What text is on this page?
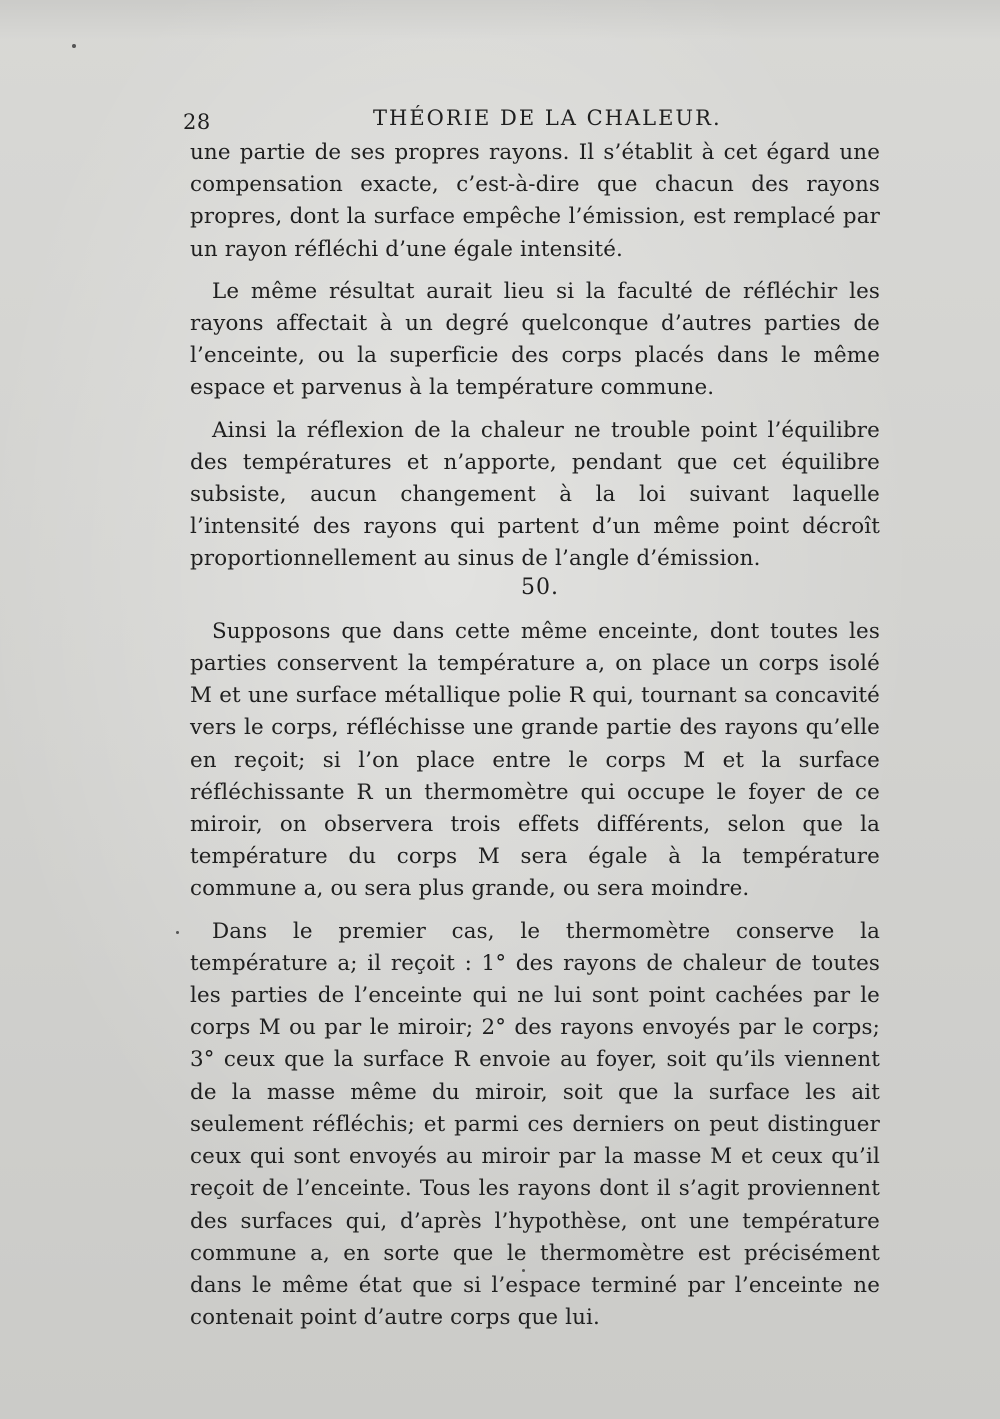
28	THÉORIE DE LA CHALEUR.

une partie de ses propres rayons. Il s’établit à cet égard une compensation exacte, c’est-à-dire que chacun des rayons propres, dont la surface empêche l’émission, est remplacé par un rayon réfléchi d’une égale intensité.

Le même résultat aurait lieu si la faculté de réfléchir les rayons affectait à un degré quelconque d’autres parties de l’enceinte, ou la superficie des corps placés dans le même espace et parvenus à la température commune.

Ainsi la réflexion de la chaleur ne trouble point l’équilibre des températures et n’apporte, pendant que cet équilibre subsiste, aucun changement à la loi suivant laquelle l’intensité des rayons qui partent d’un même point décroît proportionnellement au sinus de l’angle d’émission.

50.

Supposons que dans cette même enceinte, dont toutes les parties conservent la température a, on place un corps isolé M et une surface métallique polie R qui, tournant sa concavité vers le corps, réfléchisse une grande partie des rayons qu’elle en reçoit; si l’on place entre le corps M et la surface réfléchissante R un thermomètre qui occupe le foyer de ce miroir, on observera trois effets différents, selon que la température du corps M sera égale à la température commune a, ou sera plus grande, ou sera moindre.

Dans le premier cas, le thermomètre conserve la température a; il reçoit : 1° des rayons de chaleur de toutes les parties de l’enceinte qui ne lui sont point cachées par le corps M ou par le miroir; 2° des rayons envoyés par le corps; 3° ceux que la surface R envoie au foyer, soit qu’ils viennent de la masse même du miroir, soit que la surface les ait seulement réfléchis; et parmi ces derniers on peut distinguer ceux qui sont envoyés au miroir par la masse M et ceux qu’il reçoit de l’enceinte. Tous les rayons dont il s’agit proviennent des surfaces qui, d’après l’hypothèse, ont une température commune a, en sorte que le thermomètre est précisément dans le même état que si l’espace terminé par l’enceinte ne contenait point d’autre corps que lui.
